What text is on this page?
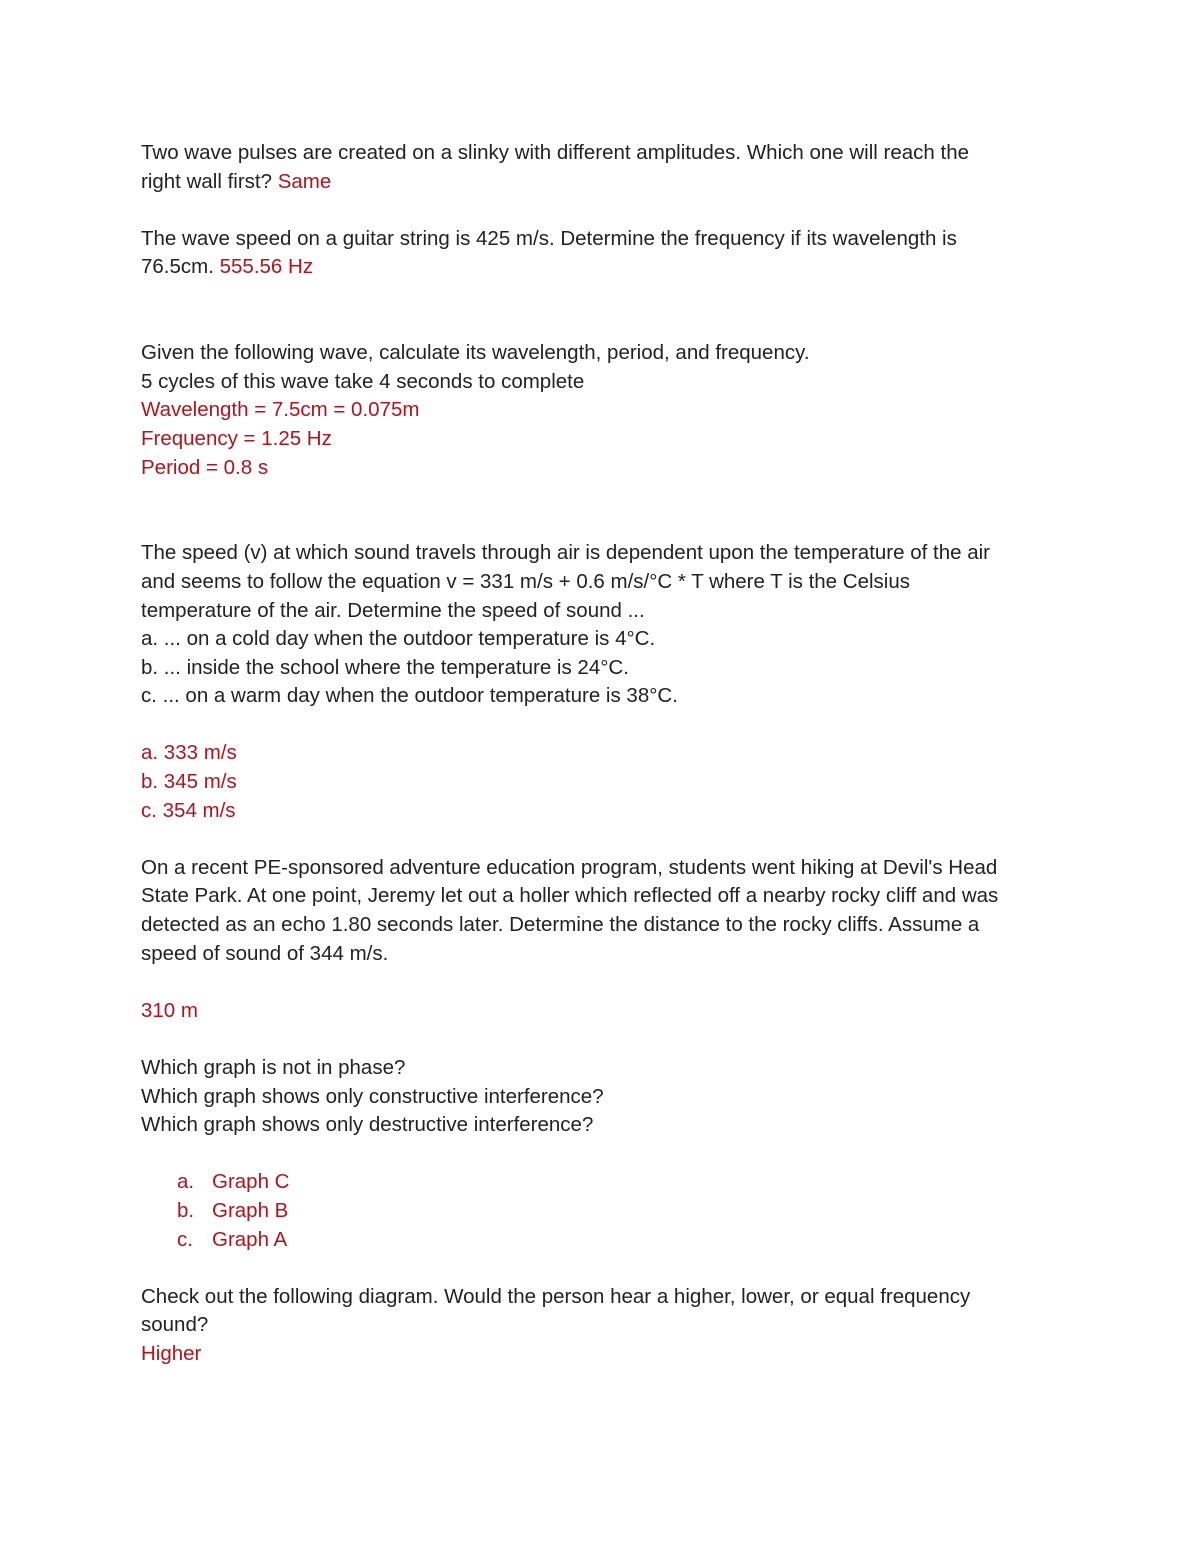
Two wave pulses are created on a slinky with different amplitudes. Which one will reach the
right wall first? Same
The wave speed on a guitar string is 425 m/s. Determine the frequency if its wavelength is
76.5cm. 555.56 Hz
Given the following wave, calculate its wavelength, period, and frequency.
5 cycles of this wave take 4 seconds to complete
Wavelength = 7.5cm = 0.075m
Frequency = 1.25 Hz
Period = 0.8 s
The speed (v) at which sound travels through air is dependent upon the temperature of the air
and seems to follow the equation v = 331 m/s + 0.6 m/s/°C * T where T is the Celsius
temperature of the air. Determine the speed of sound ...
a. ... on a cold day when the outdoor temperature is 4°C.
b. ... inside the school where the temperature is 24°C.
c. ... on a warm day when the outdoor temperature is 38°C.
a. 333 m/s
b. 345 m/s
c. 354 m/s
On a recent PE-sponsored adventure education program, students went hiking at Devil's Head
State Park. At one point, Jeremy let out a holler which reflected off a nearby rocky cliff and was
detected as an echo 1.80 seconds later. Determine the distance to the rocky cliffs. Assume a
speed of sound of 344 m/s.
310 m
Which graph is not in phase?
Which graph shows only constructive interference?
Which graph shows only destructive interference?
a. Graph C
b. Graph B
c. Graph A
Check out the following diagram. Would the person hear a higher, lower, or equal frequency
sound?
Higher
